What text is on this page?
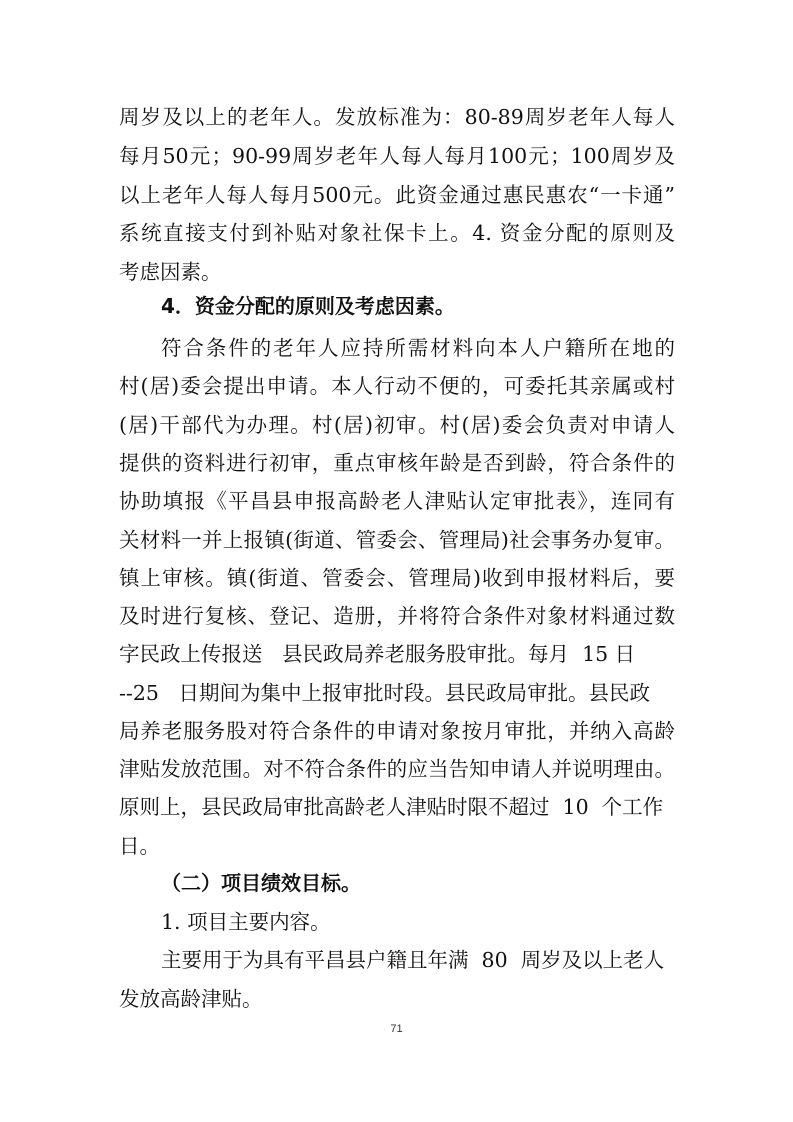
周岁及以上的老年人。发放标准为：80-89周岁老年人每人
每月50元；90-99周岁老年人每人每月100元；100周岁及
以上老年人每人每月500元。此资金通过惠民惠农“一卡通”
系统直接支付到补贴对象社保卡上。4. 资金分配的原则及
考虑因素。
4．资金分配的原则及考虑因素。
符合条件的老年人应持所需材料向本人户籍所在地的
村(居)委会提出申请。本人行动不便的，可委托其亲属或村
(居)干部代为办理。村(居)初审。村(居)委会负责对申请人
提供的资料进行初审，重点审核年龄是否到龄，符合条件的
协助填报《平昌县申报高龄老人津贴认定审批表》，连同有
关材料一并上报镇(街道、管委会、管理局)社会事务办复审。
镇上审核。镇(街道、管委会、管理局)收到申报材料后，要
及时进行复核、登记、造册，并将符合条件对象材料通过数
字民政上传报送   县民政局养老服务股审批。每月  15 日
--25   日期间为集中上报审批时段。县民政局审批。县民政
局养老服务股对符合条件的申请对象按月审批，并纳入高龄
津贴发放范围。对不符合条件的应当告知申请人并说明理由。
原则上，县民政局审批高龄老人津贴时限不超过  10  个工作
日。
（二）项目绩效目标。
1. 项目主要内容。
主要用于为具有平昌县户籍且年满  80  周岁及以上老人
发放高龄津贴。
71
